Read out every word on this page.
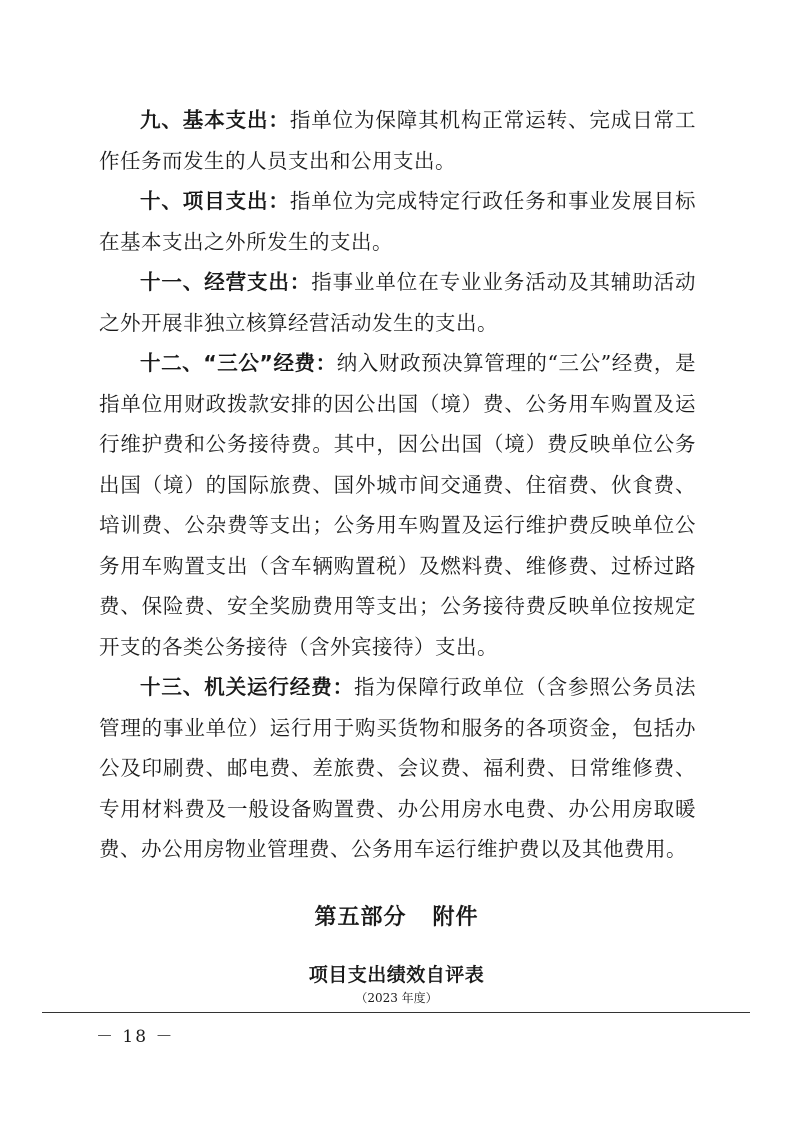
九、基本支出：指单位为保障其机构正常运转、完成日常工作任务而发生的人员支出和公用支出。

十、项目支出：指单位为完成特定行政任务和事业发展目标在基本支出之外所发生的支出。

十一、经营支出：指事业单位在专业业务活动及其辅助活动之外开展非独立核算经营活动发生的支出。

十二、“三公”经费：纳入财政预决算管理的“三公”经费，是指单位用财政拨款安排的因公出国（境）费、公务用车购置及运行维护费和公务接待费。其中，因公出国（境）费反映单位公务出国（境）的国际旅费、国外城市间交通费、住宿费、伙食费、培训费、公杂费等支出；公务用车购置及运行维护费反映单位公务用车购置支出（含车辆购置税）及燃料费、维修费、过桥过路费、保险费、安全奖励费用等支出；公务接待费反映单位按规定开支的各类公务接待（含外宾接待）支出。

十三、机关运行经费：指为保障行政单位（含参照公务员法管理的事业单位）运行用于购买货物和服务的各项资金，包括办公及印刷费、邮电费、差旅费、会议费、福利费、日常维修费、专用材料费及一般设备购置费、办公用房水电费、办公用房取暖费、办公用房物业管理费、公务用车运行维护费以及其他费用。

第五部分 附件
项目支出绩效自评表
（2023 年度）
－ 18 －
